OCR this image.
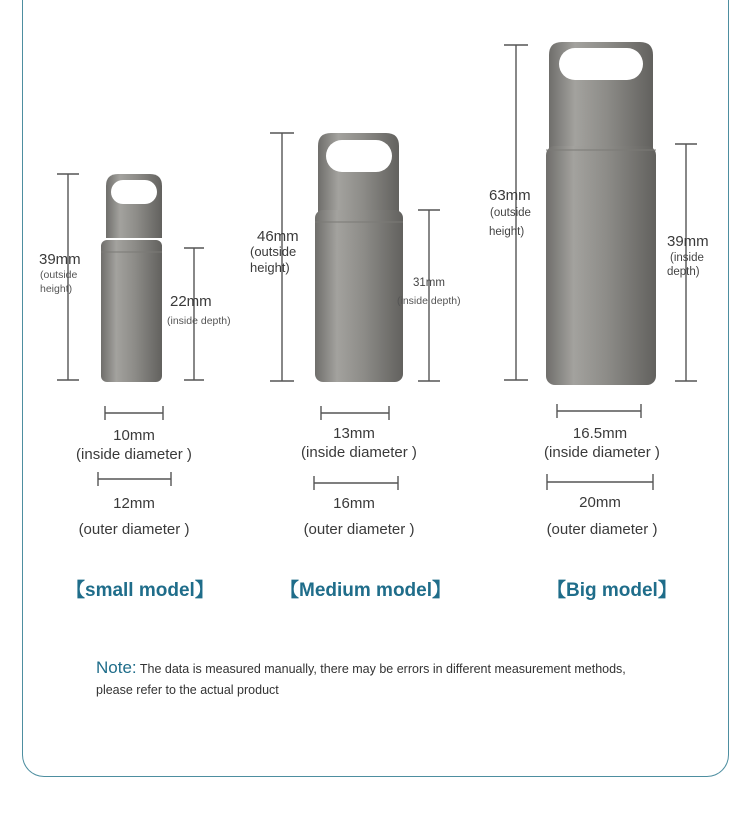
39mm
(outside
height)
22mm
(inside depth)
10mm
(inside diameter )
12mm
(outer diameter )
【small model】
46mm
(outside
height)
31mm
(inside depth)
13mm
(inside diameter )
16mm
(outer diameter )
【Medium model】
63mm
(outside
height)
39mm
(inside
depth)
16.5mm
(inside diameter )
20mm
(outer diameter )
【Big model】
Note: The data is measured manually, there may be errors in different measurement methods, please refer to the actual product
